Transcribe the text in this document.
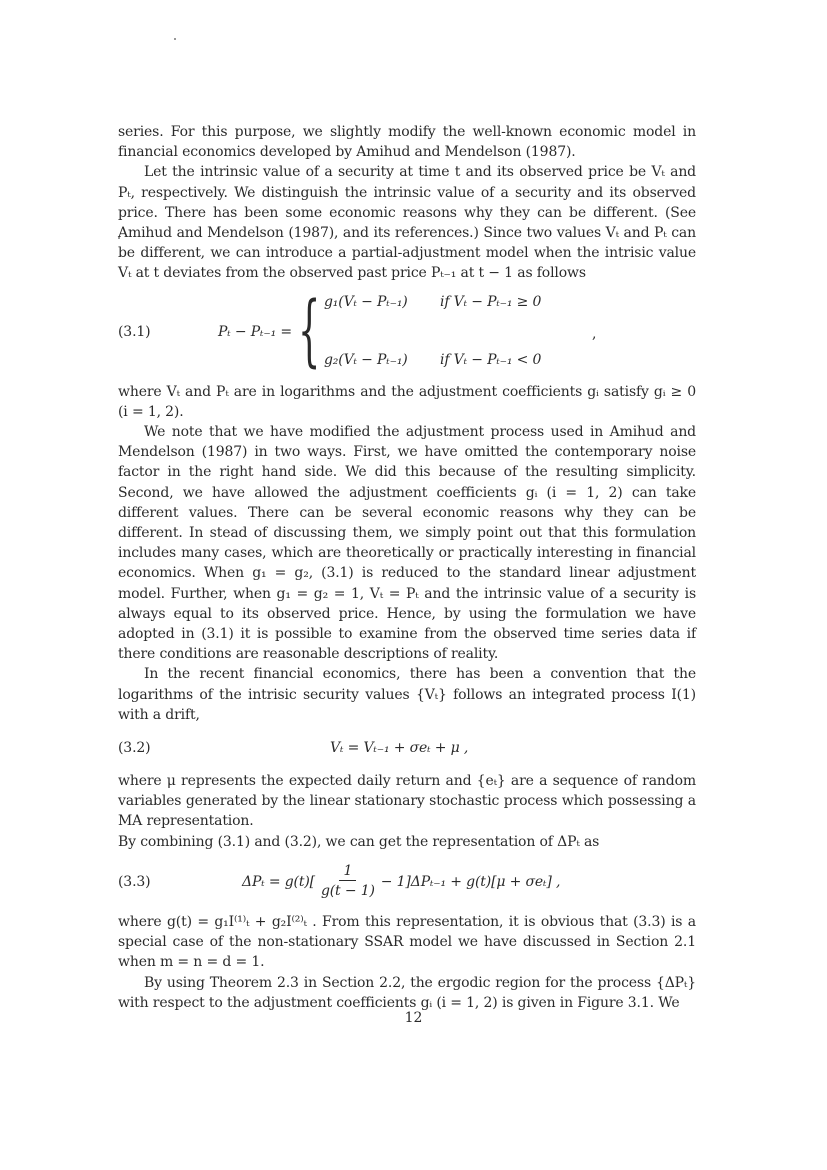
series. For this purpose, we slightly modify the well-known economic model in financial economics developed by Amihud and Mendelson (1987).

Let the intrinsic value of a security at time t and its observed price be Vₜ and Pₜ, respectively. We distinguish the intrinsic value of a security and its observed price. There has been some economic reasons why they can be different. (See Amihud and Mendelson (1987), and its references.) Since two values Vₜ and Pₜ can be different, we can introduce a partial-adjustment model when the intrisic value Vₜ at t deviates from the observed past price Pₜ₋₁ at t − 1 as follows

(3.1)	Pₜ − Pₜ₋₁ = { g₁(Vₜ − Pₜ₋₁) if Vₜ − Pₜ₋₁ ≥ 0
g₂(Vₜ − Pₜ₋₁) if Vₜ − Pₜ₋₁ < 0
,

where Vₜ and Pₜ are in logarithms and the adjustment coefficients gᵢ satisfy gᵢ ≥ 0 (i = 1, 2).

We note that we have modified the adjustment process used in Amihud and Mendelson (1987) in two ways. First, we have omitted the contemporary noise factor in the right hand side. We did this because of the resulting simplicity. Second, we have allowed the adjustment coefficients gᵢ (i = 1, 2) can take different values. There can be several economic reasons why they can be different. In stead of discussing them, we simply point out that this formulation includes many cases, which are theoretically or practically interesting in financial economics. When g₁ = g₂, (3.1) is reduced to the standard linear adjustment model. Further, when g₁ = g₂ = 1, Vₜ = Pₜ and the intrinsic value of a security is always equal to its observed price. Hence, by using the formulation we have adopted in (3.1) it is possible to examine from the observed time series data if there conditions are reasonable descriptions of reality.

In the recent financial economics, there has been a convention that the logarithms of the intrisic security values {Vₜ} follows an integrated process I(1) with a drift,

(3.2)	Vₜ = Vₜ₋₁ + σeₜ + μ ,

where μ represents the expected daily return and {eₜ} are a sequence of random variables generated by the linear stationary stochastic process which possessing a MA representation.

By combining (3.1) and (3.2), we can get the representation of ΔPₜ as

(3.3)	$\Delta P_t = g(t)[ \frac{1}{g(t - 1)} - 1]\Delta P_{t-1} + g(t)[\mu + \sigma e_t]$ ,

where g(t) = g₁I⁽¹⁾ₜ + g₂I⁽²⁾ₜ . From this representation, it is obvious that (3.3) is a special case of the non-stationary SSAR model we have discussed in Section 2.1 when m = n = d = 1.

By using Theorem 2.3 in Section 2.2, the ergodic region for the process {ΔPₜ} with respect to the adjustment coefficients gᵢ (i = 1, 2) is given in Figure 3.1. We

12
